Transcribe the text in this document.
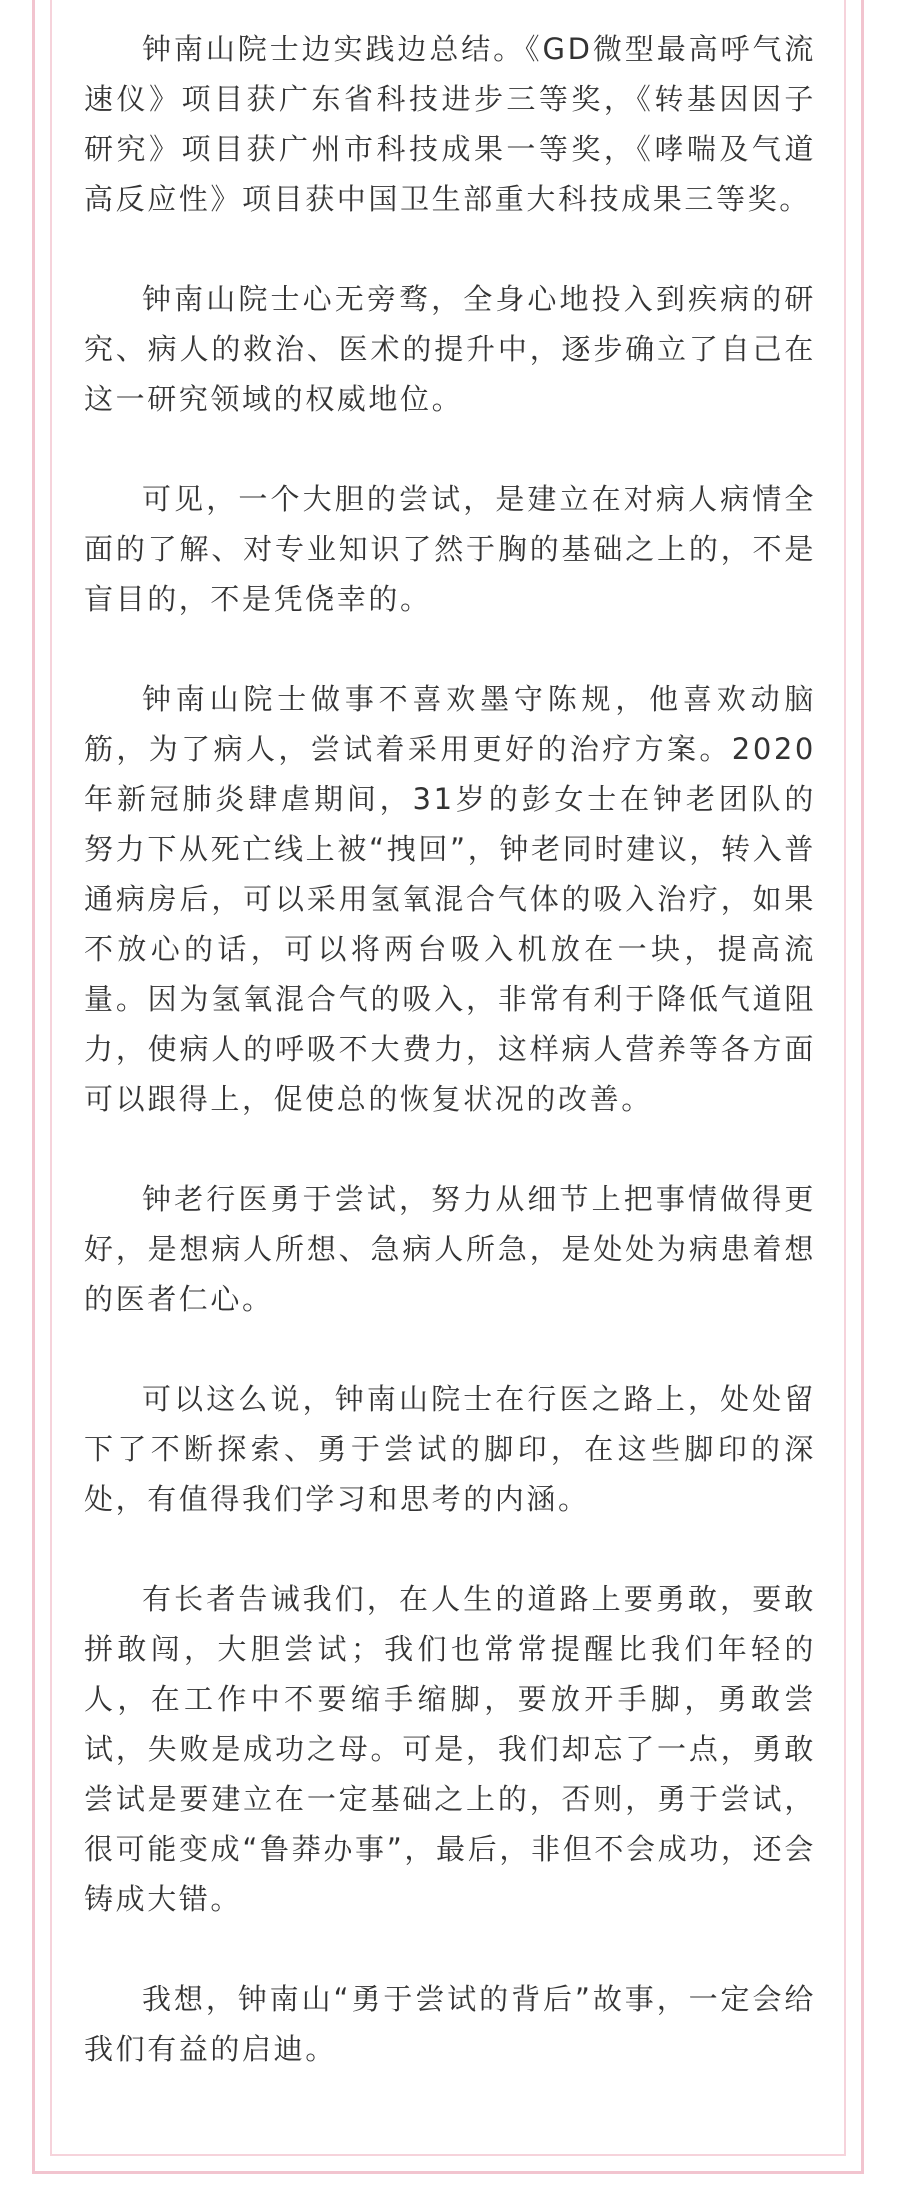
钟南山院士边实践边总结。《GD微型最高呼气流速仪》项目获广东省科技进步三等奖，《转基因因子研究》项目获广州市科技成果一等奖，《哮喘及气道高反应性》项目获中国卫生部重大科技成果三等奖。

钟南山院士心无旁骛，全身心地投入到疾病的研究、病人的救治、医术的提升中，逐步确立了自己在这一研究领域的权威地位。

可见，一个大胆的尝试，是建立在对病人病情全面的了解、对专业知识了然于胸的基础之上的，不是盲目的，不是凭侥幸的。

钟南山院士做事不喜欢墨守陈规，他喜欢动脑筋，为了病人，尝试着采用更好的治疗方案。2020年新冠肺炎肆虐期间，31岁的彭女士在钟老团队的努力下从死亡线上被“拽回”，钟老同时建议，转入普通病房后，可以采用氢氧混合气体的吸入治疗，如果不放心的话，可以将两台吸入机放在一块，提高流量。因为氢氧混合气的吸入，非常有利于降低气道阻力，使病人的呼吸不大费力，这样病人营养等各方面可以跟得上，促使总的恢复状况的改善。

钟老行医勇于尝试，努力从细节上把事情做得更好，是想病人所想、急病人所急，是处处为病患着想的医者仁心。

可以这么说，钟南山院士在行医之路上，处处留下了不断探索、勇于尝试的脚印，在这些脚印的深处，有值得我们学习和思考的内涵。

有长者告诫我们，在人生的道路上要勇敢，要敢拼敢闯，大胆尝试；我们也常常提醒比我们年轻的人，在工作中不要缩手缩脚，要放开手脚，勇敢尝试，失败是成功之母。可是，我们却忘了一点，勇敢尝试是要建立在一定基础之上的，否则，勇于尝试，很可能变成“鲁莽办事”，最后，非但不会成功，还会铸成大错。

我想，钟南山“勇于尝试的背后”故事，一定会给我们有益的启迪。
